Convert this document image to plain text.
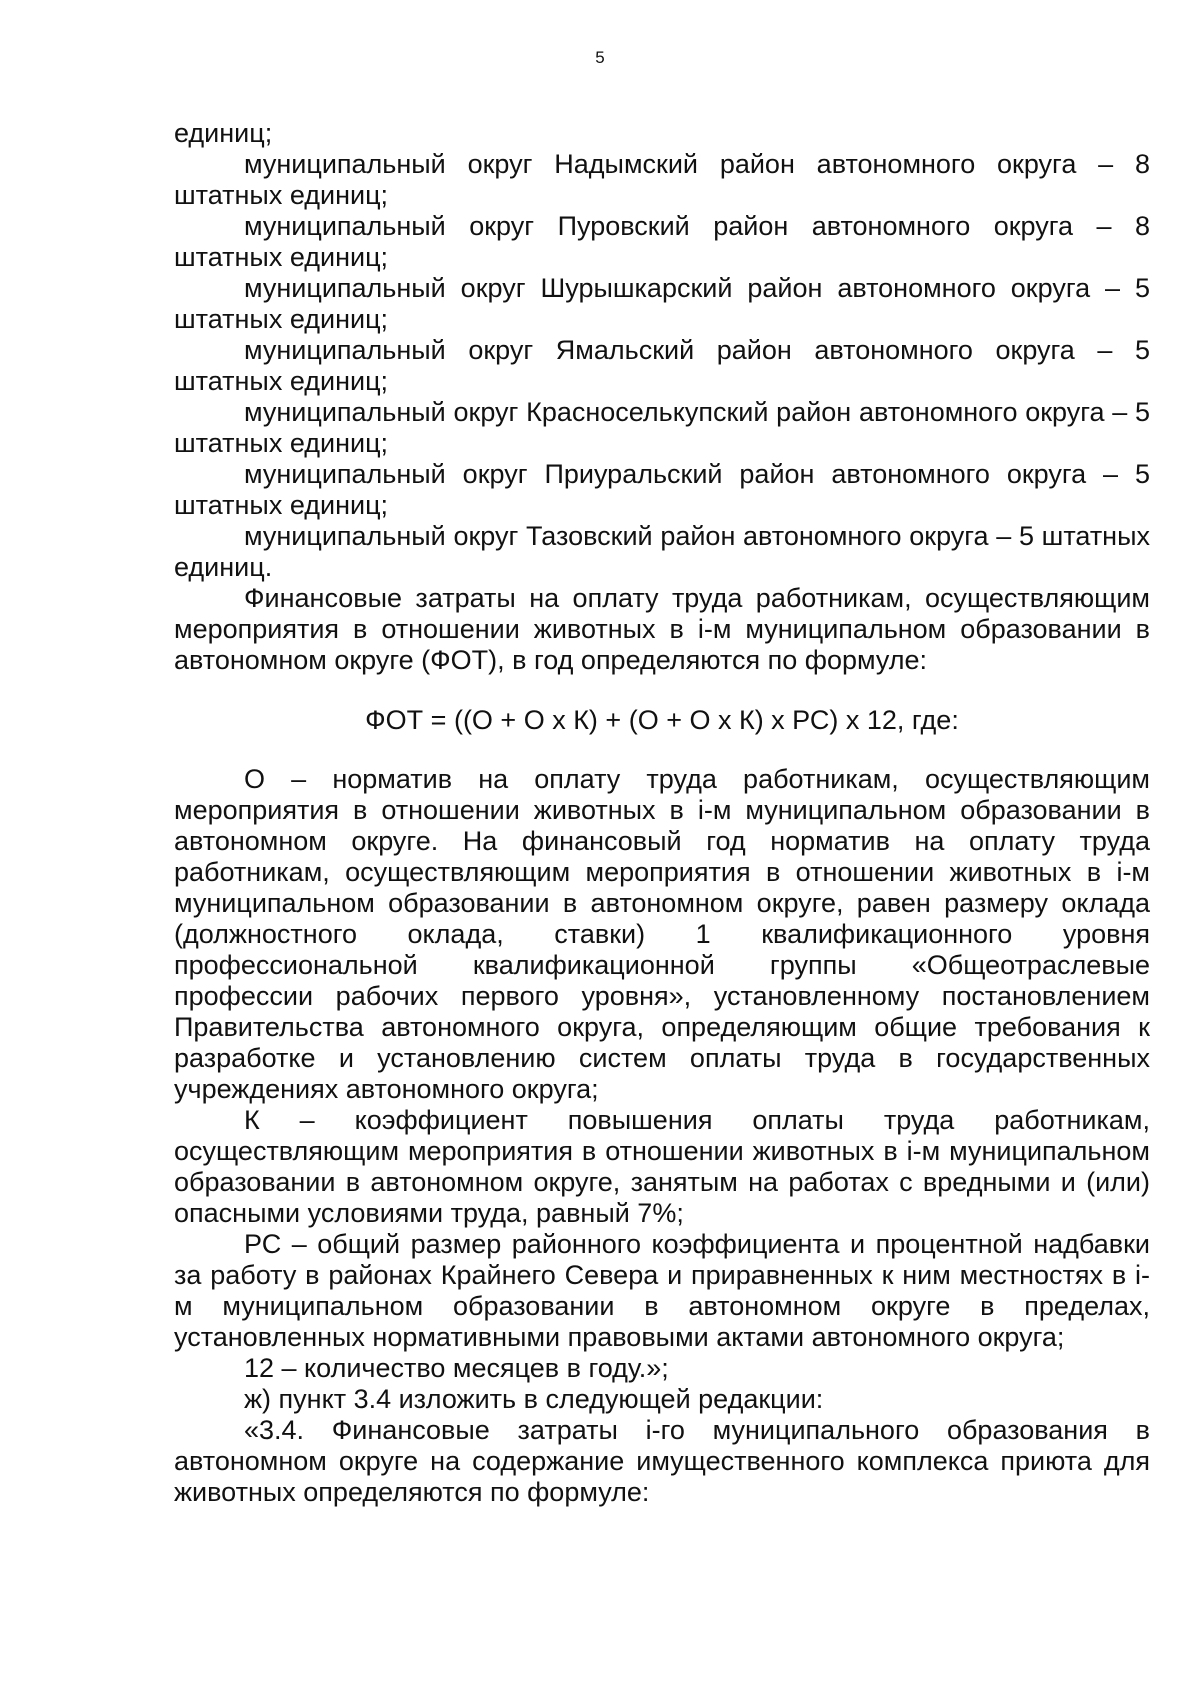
5

единиц;

муниципальный округ Надымский район автономного округа – 8 штатных единиц;

муниципальный округ Пуровский район автономного округа – 8 штатных единиц;

муниципальный округ Шурышкарский район автономного округа – 5 штатных единиц;

муниципальный округ Ямальский район автономного округа – 5 штатных единиц;

муниципальный округ Красноселькупский район автономного округа – 5 штатных единиц;

муниципальный округ Приуральский район автономного округа – 5 штатных единиц;

муниципальный округ Тазовский район автономного округа – 5 штатных единиц.

Финансовые затраты на оплату труда работникам, осуществляющим мероприятия в отношении животных в i-м муниципальном образовании в автономном округе (ФОТ), в год определяются по формуле:

ФОТ = ((О + О х К) + (О + О х К) х РС) х 12, где:

О – норматив на оплату труда работникам, осуществляющим мероприятия в отношении животных в i-м муниципальном образовании в автономном округе. На финансовый год норматив на оплату труда работникам, осуществляющим мероприятия в отношении животных в i-м муниципальном образовании в автономном округе, равен размеру оклада (должностного оклада, ставки) 1 квалификационного уровня профессиональной квалификационной группы «Общеотраслевые профессии рабочих первого уровня», установленному постановлением Правительства автономного округа, определяющим общие требования к разработке и установлению систем оплаты труда в государственных учреждениях автономного округа;

К – коэффициент повышения оплаты труда работникам, осуществляющим мероприятия в отношении животных в i-м муниципальном образовании в автономном округе, занятым на работах с вредными и (или) опасными условиями труда, равный 7%;

РС – общий размер районного коэффициента и процентной надбавки за работу в районах Крайнего Севера и приравненных к ним местностях в i-м муниципальном образовании в автономном округе в пределах, установленных нормативными правовыми актами автономного округа;

12 – количество месяцев в году.»;

ж) пункт 3.4 изложить в следующей редакции:

«3.4. Финансовые затраты i-го муниципального образования в автономном округе на содержание имущественного комплекса приюта для животных определяются по формуле:
